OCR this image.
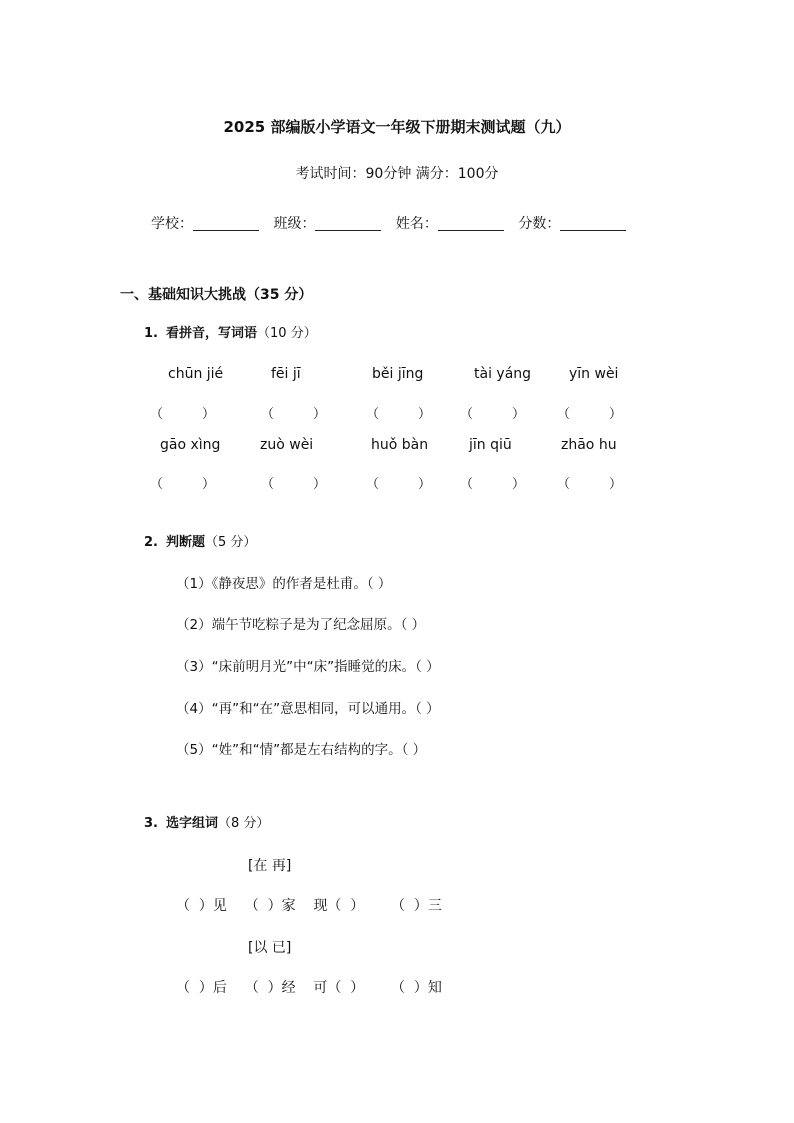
2025 部编版小学语文一年级下册期末测试题（九）
考试时间：90分钟 满分：100分
学校：	班级：	姓名：	分数：
一、基础知识大挑战（35 分）
1. 看拼音，写词语（10 分）
chūn jié	fēi jī	běi jīng	tài yáng	yīn wèi
（　　　）	（　　　）	（　　　） （　　　） （　　　）
gāo xìng	zuò wèi	huǒ bàn	jīn qiū	zhāo hu
（　　　）	（　　　）	（　　　） （　　　） （　　　）
2. 判断题（5 分）
（1）《静夜思》的作者是杜甫。（ ）
（2）端午节吃粽子是为了纪念屈原。（ ）
（3）“床前明月光”中“床”指睡觉的床。（ ）
（4）“再”和“在”意思相同，可以通用。（ ）
（5）“姓”和“情”都是左右结构的字。（ ）
3. 选字组词（8 分）
[在 再]
（  ）见    （  ）家    现（  ）      （  ）三
[以 已]
（  ）后    （  ）经    可（  ）      （  ）知
